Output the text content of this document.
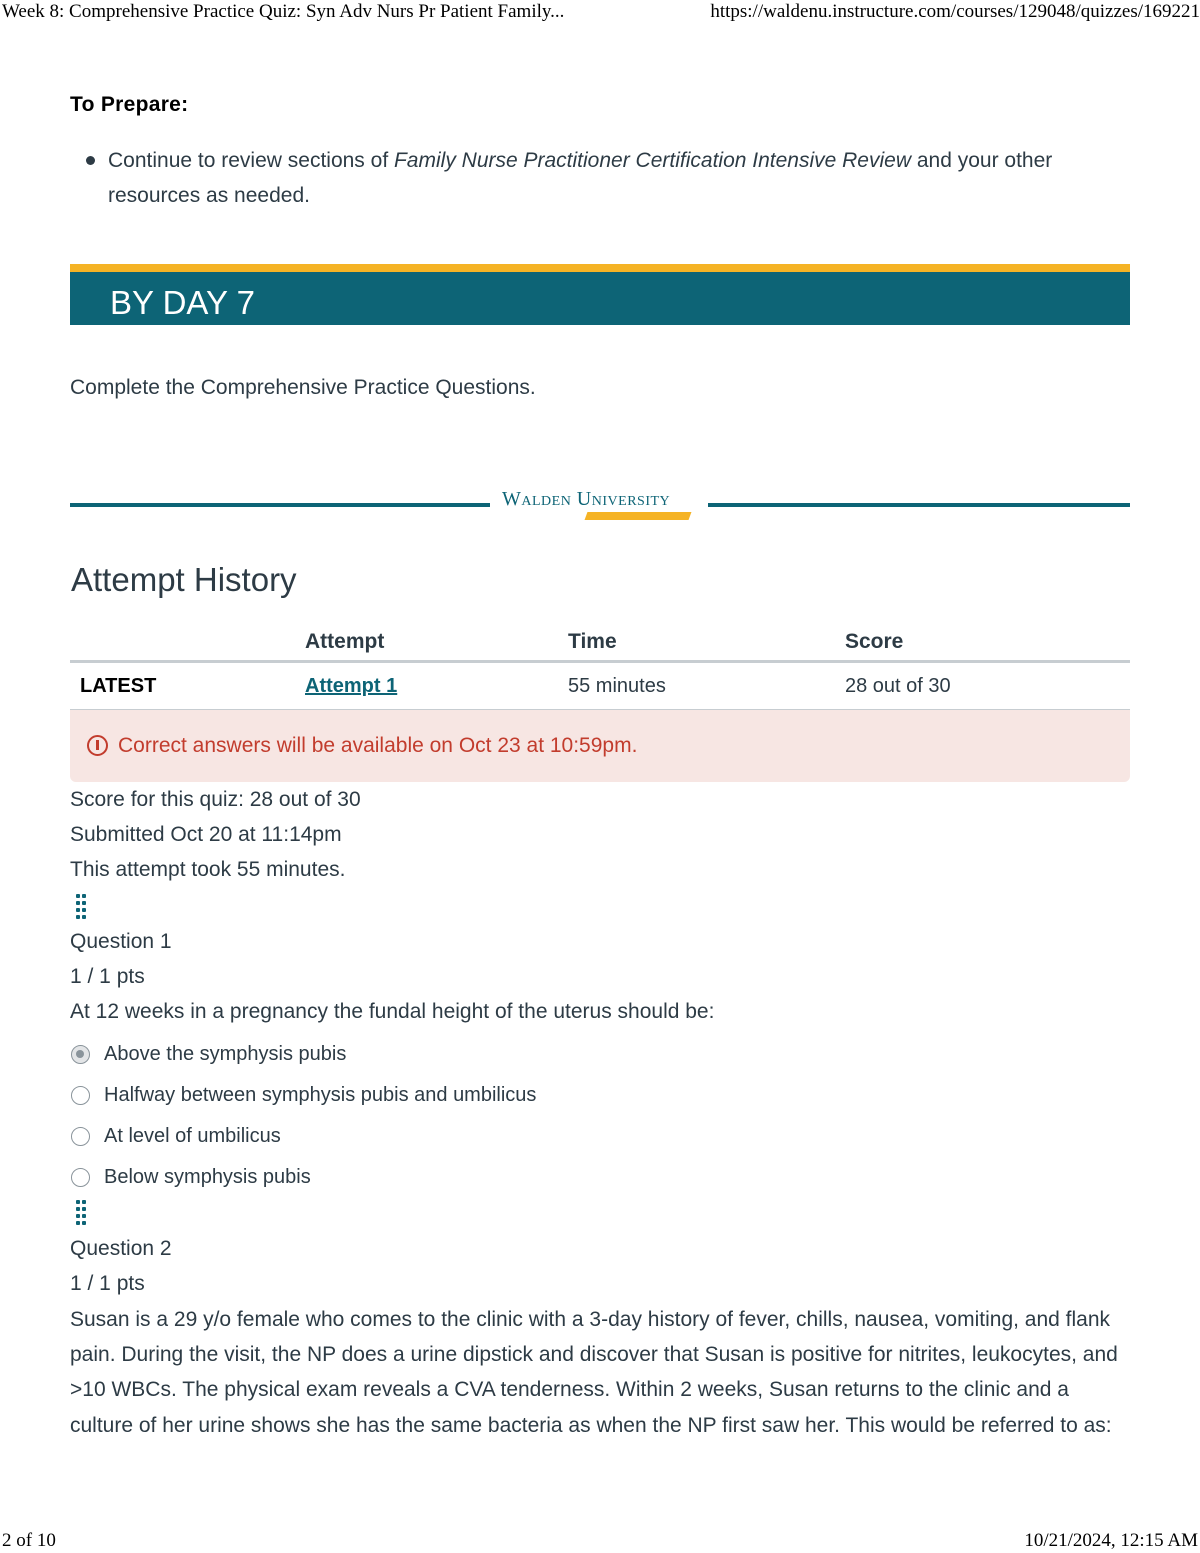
Week 8: Comprehensive Practice Quiz: Syn Adv Nurs Pr Patient Family...	https://waldenu.instructure.com/courses/129048/quizzes/169221
To Prepare:
Continue to review sections of Family Nurse Practitioner Certification Intensive Review and your other resources as needed.
BY DAY 7
Complete the Comprehensive Practice Questions.
Walden University
Attempt History
	Attempt	Time	Score
LATEST	Attempt 1	55 minutes	28 out of 30
Correct answers will be available on Oct 23 at 10:59pm.
Score for this quiz: 28 out of 30
Submitted Oct 20 at 11:14pm
This attempt took 55 minutes.
Question 1
1 / 1 pts
At 12 weeks in a pregnancy the fundal height of the uterus should be:
Above the symphysis pubis
Halfway between symphysis pubis and umbilicus
At level of umbilicus
Below symphysis pubis
Question 2
1 / 1 pts
Susan is a 29 y/o female who comes to the clinic with a 3-day history of fever, chills, nausea, vomiting, and flank pain. During the visit, the NP does a urine dipstick and discover that Susan is positive for nitrites, leukocytes, and >10 WBCs. The physical exam reveals a CVA tenderness. Within 2 weeks, Susan returns to the clinic and a culture of her urine shows she has the same bacteria as when the NP first saw her. This would be referred to as:
2 of 10	10/21/2024, 12:15 AM
